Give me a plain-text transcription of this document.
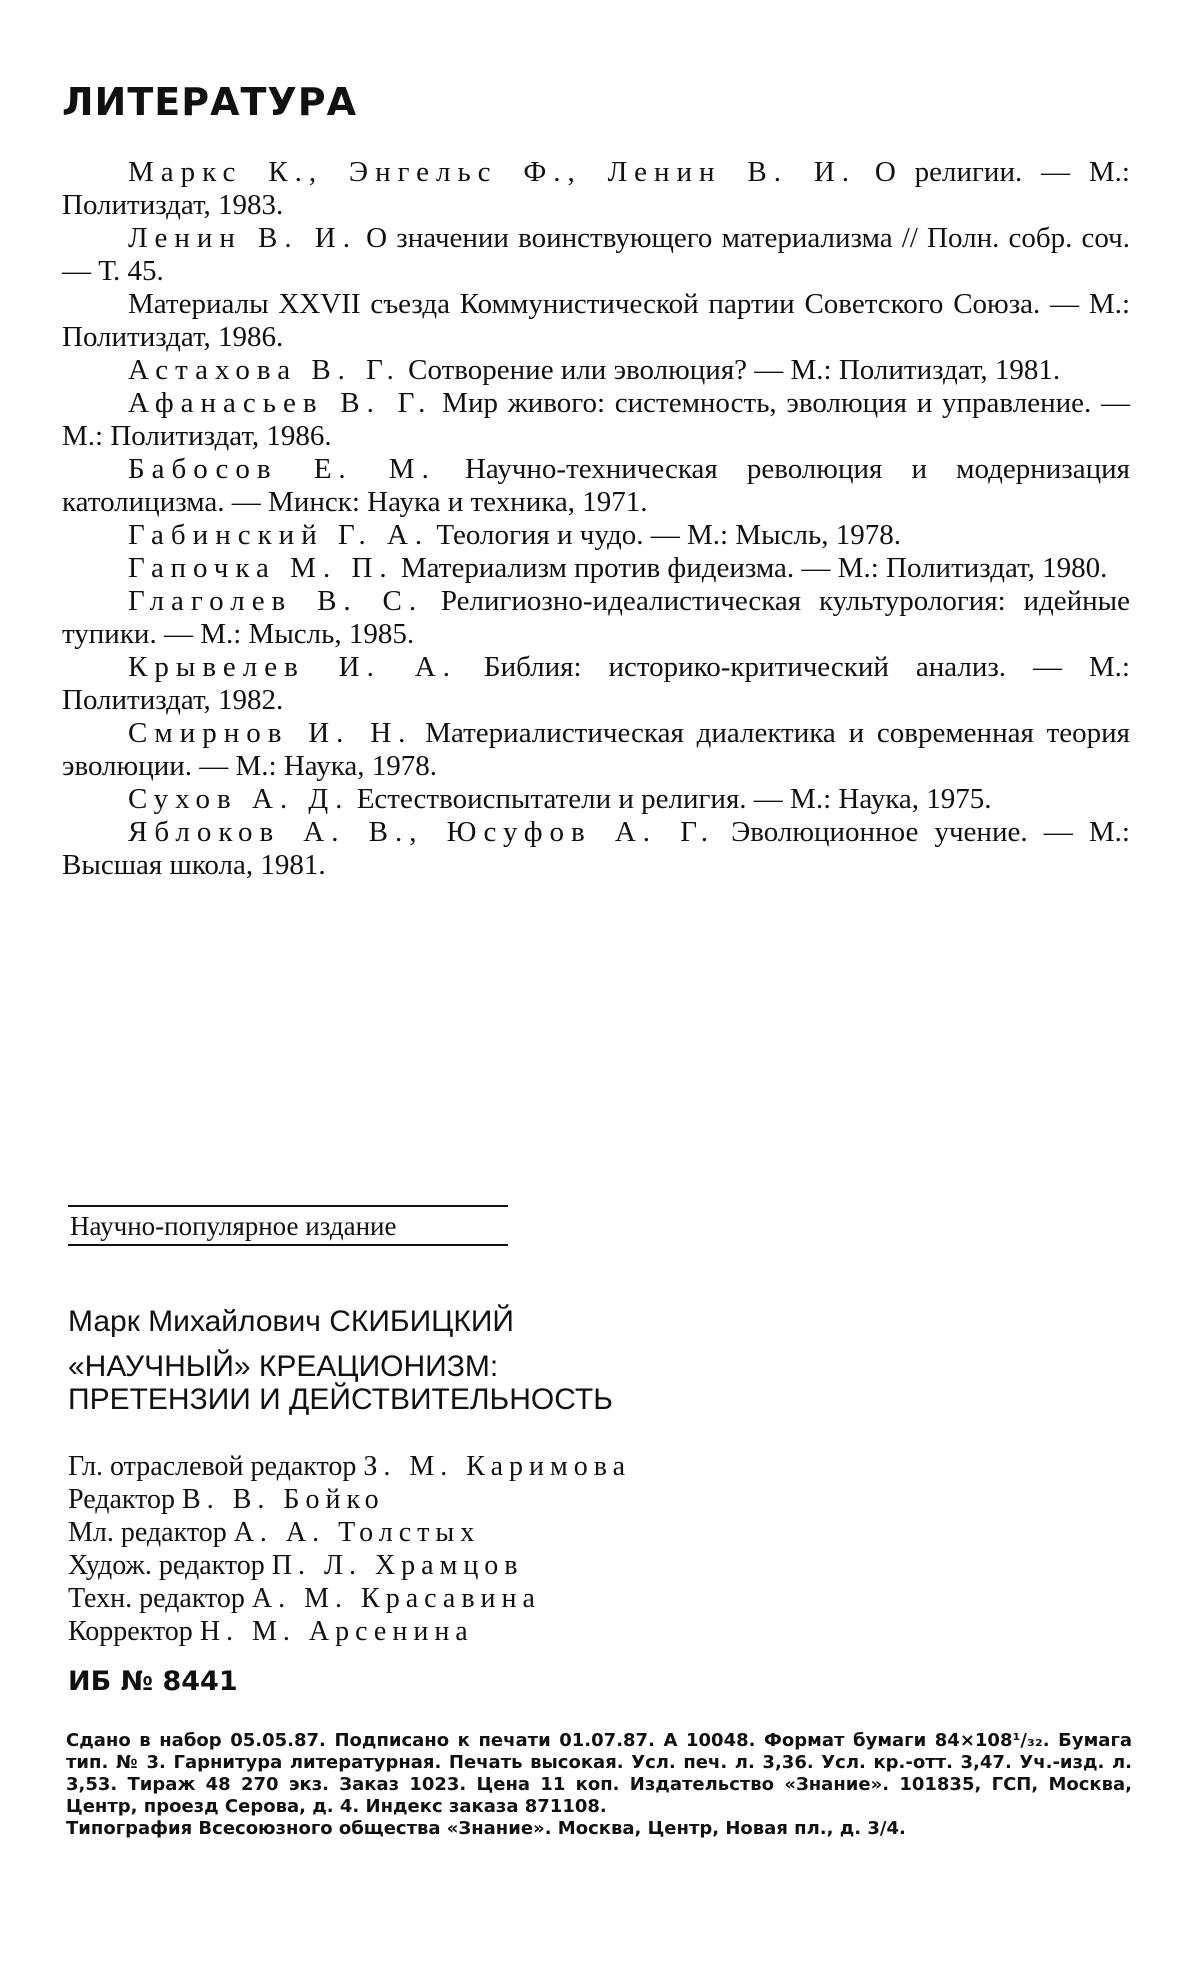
ЛИТЕРАТУРА

Маркс К., Энгельс Ф., Ленин В. И. О религии. — М.: Политиздат, 1983.

Ленин В. И. О значении воинствующего материализма // Полн. собр. соч. — Т. 45.

Материалы XXVII съезда Коммунистической партии Советского Союза. — М.: Политиздат, 1986.

Астахова В. Г. Сотворение или эволюция? — М.: Политиздат, 1981.

Афанасьев В. Г. Мир живого: системность, эволюция и управление. — М.: Политиздат, 1986.

Бабосов Е. М. Научно-техническая революция и модернизация католицизма. — Минск: Наука и техника, 1971.

Габинский Г. А. Теология и чудо. — М.: Мысль, 1978.

Гапочка М. П. Материализм против фидеизма. — М.: Политиздат, 1980.

Глаголев В. С. Религиозно-идеалистическая культурология: идейные тупики. — М.: Мысль, 1985.

Крывелев И. А. Библия: историко-критический анализ. — М.: Политиздат, 1982.

Смирнов И. Н. Материалистическая диалектика и современная теория эволюции. — М.: Наука, 1978.

Сухов А. Д. Естествоиспытатели и религия. — М.: Наука, 1975.

Яблоков А. В., Юсуфов А. Г. Эволюционное учение. — М.: Высшая школа, 1981.

Научно-популярное издание
Марк Михайлович СКИБИЦКИЙ
«НАУЧНЫЙ» КРЕАЦИОНИЗМ:
ПРЕТЕНЗИИ И ДЕЙСТВИТЕЛЬНОСТЬ
Гл. отраслевой редактор З. М. Каримова
Редактор В. В. Бойко
Мл. редактор А. А. Толстых
Худож. редактор П. Л. Храмцов
Техн. редактор А. М. Красавина
Корректор Н. М. Арсенина
ИБ № 8441

Сдано в набор 05.05.87. Подписано к печати 01.07.87. А 10048. Формат бумаги 84×108¹/₃₂. Бумага тип. № 3. Гарнитура литературная. Печать высокая. Усл. печ. л. 3,36. Усл. кр.-отт. 3,47. Уч.-изд. л. 3,53. Тираж 48 270 экз. Заказ 1023. Цена 11 коп. Издательство «Знание». 101835, ГСП, Москва, Центр, проезд Серова, д. 4. Индекс заказа 871108.

Типография Всесоюзного общества «Знание». Москва, Центр, Новая пл., д. 3/4.
